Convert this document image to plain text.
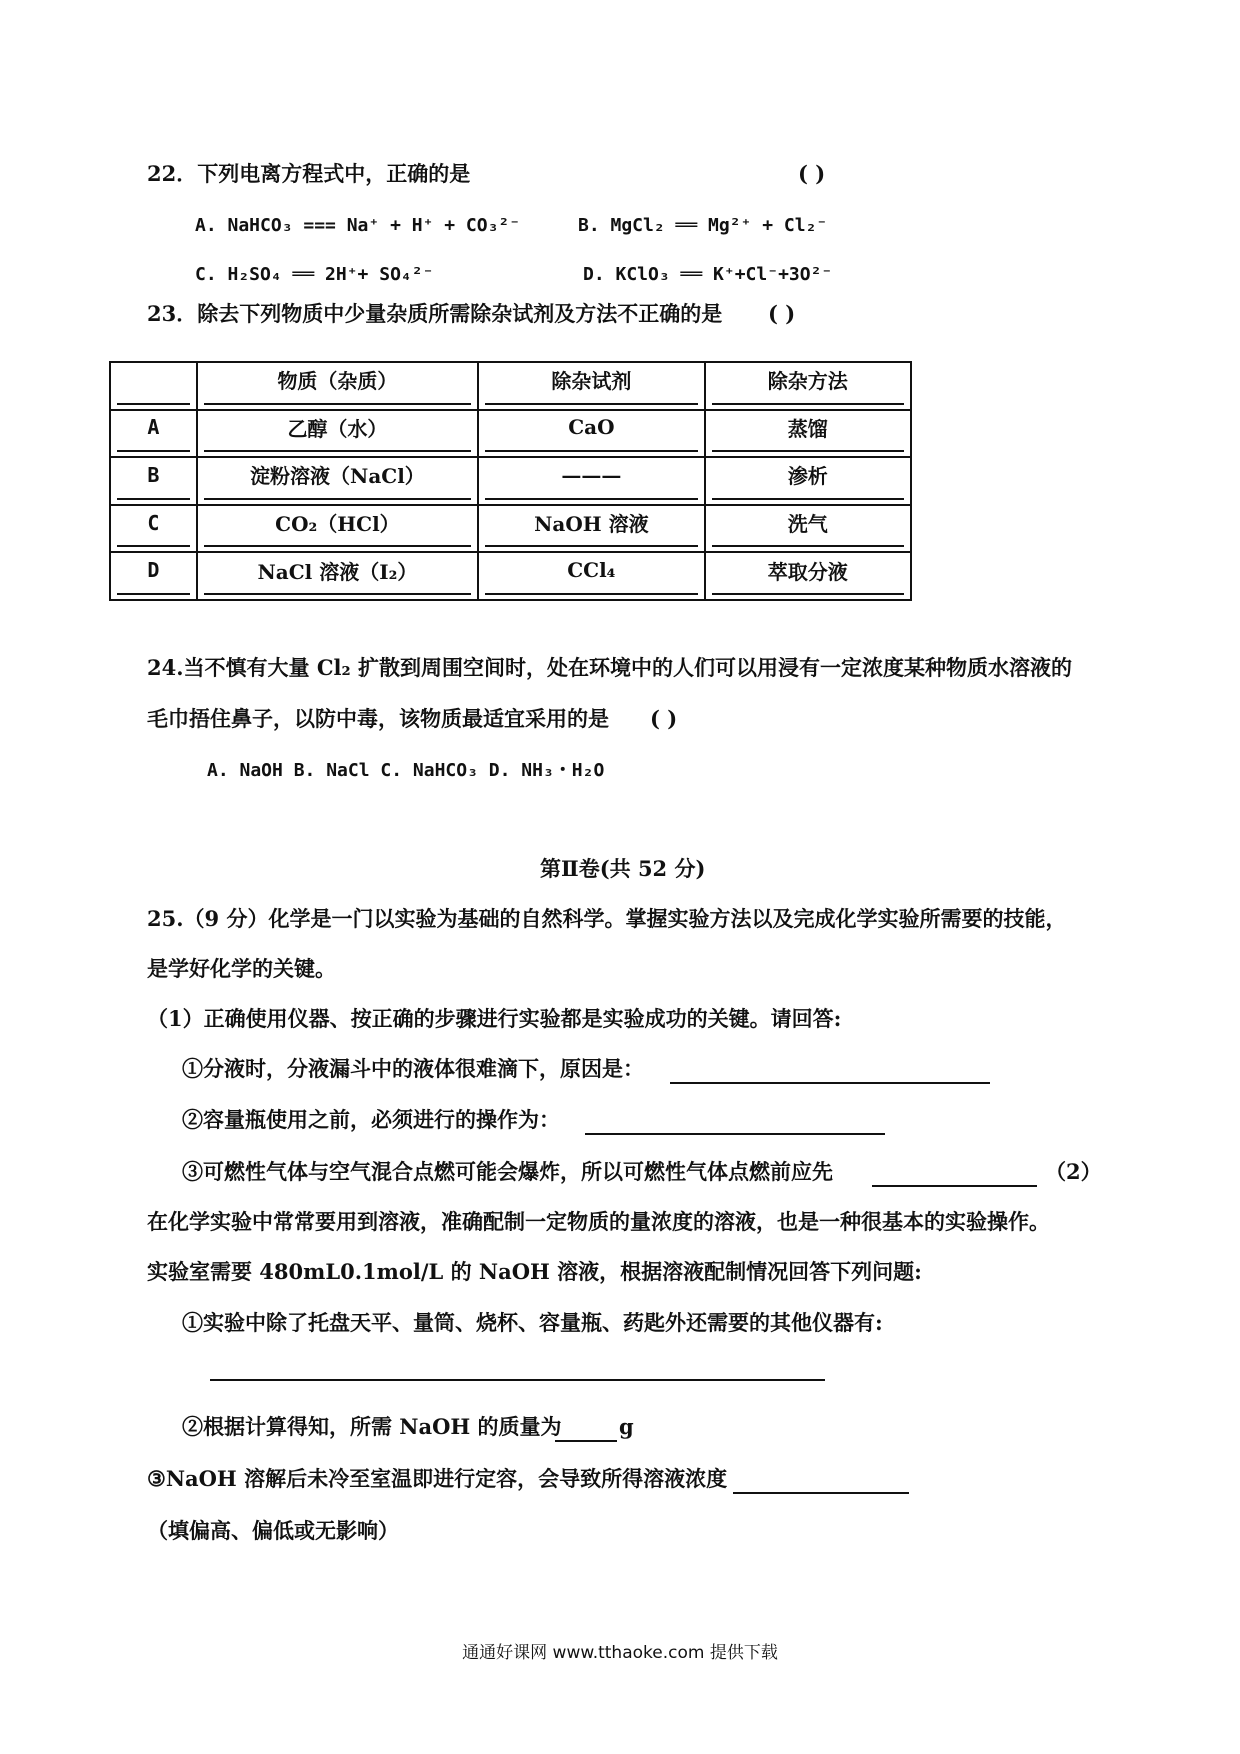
22．下列电离方程式中，正确的是	( )
A. NaHCO₃ === Na⁺ + H⁺ + CO₃²⁻	B. MgCl₂ ══ Mg²⁺ + Cl₂⁻
C. H₂SO₄ ══ 2H⁺+ SO₄²⁻	D. KClO₃ ══ K⁺+Cl⁻+3O²⁻
23．除去下列物质中少量杂质所需除杂试剂及方法不正确的是 ( )
	物质（杂质）	除杂试剂	除杂方法

A	乙醇（水）	CaO	蒸馏

B	淀粉溶液（NaCl）	———	渗析

C	CO₂（HCl）	NaOH 溶液	洗气

D	NaCl 溶液（I₂）	CCl₄	萃取分液
24.当不慎有大量 Cl₂ 扩散到周围空间时，处在环境中的人们可以用浸有一定浓度某种物质水溶液的
毛巾捂住鼻子，以防中毒，该物质最适宜采用的是 ( )
A. NaOH B. NaCl C. NaHCO₃ D. NH₃・H₂O
第Ⅱ卷(共 52 分)
25.（9 分）化学是一门以实验为基础的自然科学。掌握实验方法以及完成化学实验所需要的技能，
是学好化学的关键。
（1）正确使用仪器、按正确的步骤进行实验都是实验成功的关键。请回答:
①分液时，分液漏斗中的液体很难滴下，原因是：
②容量瓶使用之前，必须进行的操作为：
③可燃性气体与空气混合点燃可能会爆炸，所以可燃性气体点燃前应先	（2）
在化学实验中常常要用到溶液，准确配制一定物质的量浓度的溶液，也是一种很基本的实验操作。
实验室需要 480mL0.1mol/L 的 NaOH 溶液，根据溶液配制情况回答下列问题:
①实验中除了托盘天平、量筒、烧杯、容量瓶、药匙外还需要的其他仪器有:
②根据计算得知，所需 NaOH 的质量为	g
③NaOH 溶解后未冷至室温即进行定容，会导致所得溶液浓度
（填偏高、偏低或无影响）
通通好课网 www.tthaoke.com 提供下载
